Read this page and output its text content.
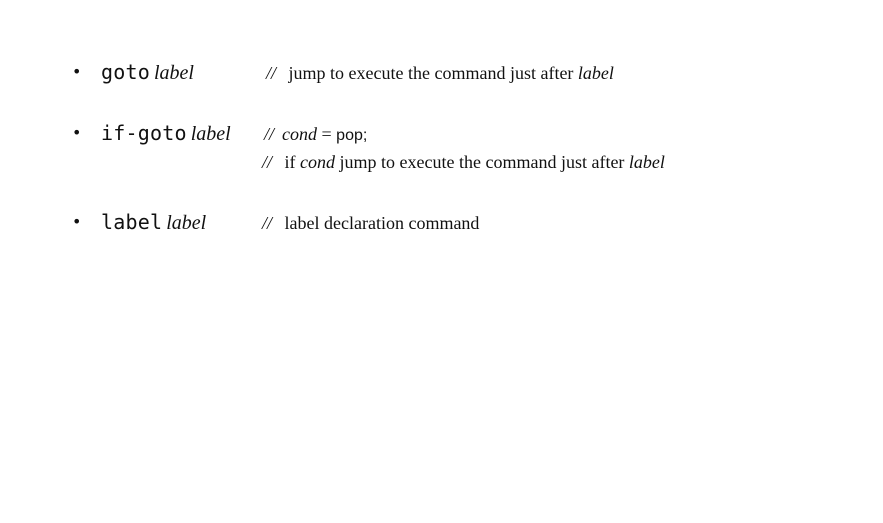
• goto label	// jump to execute the command just after label
• if-goto label // cond = pop;
// if cond jump to execute the command just after label
• label label	// label declaration command
